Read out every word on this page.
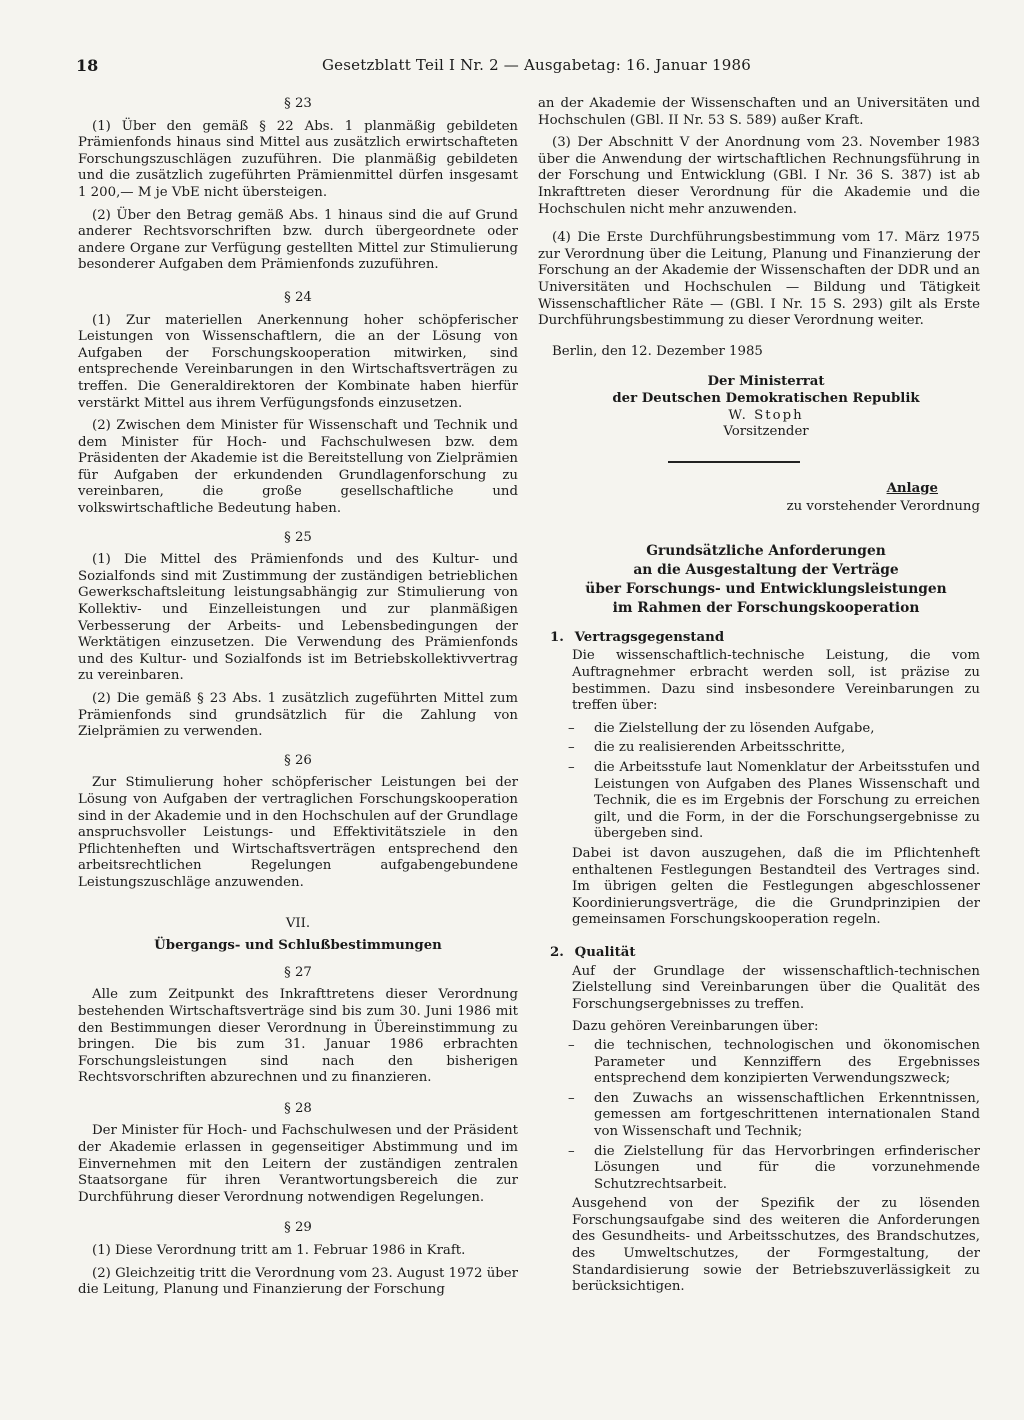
18	Gesetzblatt Teil I Nr. 2 — Ausgabetag: 16. Januar 1986
§ 23

(1) Über den gemäß § 22 Abs. 1 planmäßig gebildeten Prämienfonds hinaus sind Mittel aus zusätzlich erwirtschafteten Forschungszuschlägen zuzuführen. Die planmäßig gebildeten und die zusätzlich zugeführten Prämienmittel dürfen insgesamt 1 200,— M je VbE nicht übersteigen.

(2) Über den Betrag gemäß Abs. 1 hinaus sind die auf Grund anderer Rechtsvorschriften bzw. durch übergeordnete oder andere Organe zur Verfügung gestellten Mittel zur Stimulierung besonderer Aufgaben dem Prämienfonds zuzuführen.

§ 24

(1) Zur materiellen Anerkennung hoher schöpferischer Leistungen von Wissenschaftlern, die an der Lösung von Aufgaben der Forschungskooperation mitwirken, sind entsprechende Vereinbarungen in den Wirtschaftsverträgen zu treffen. Die Generaldirektoren der Kombinate haben hierfür verstärkt Mittel aus ihrem Verfügungsfonds einzusetzen.

(2) Zwischen dem Minister für Wissenschaft und Technik und dem Minister für Hoch- und Fachschulwesen bzw. dem Präsidenten der Akademie ist die Bereitstellung von Zielprämien für Aufgaben der erkundenden Grundlagenforschung zu vereinbaren, die große gesellschaftliche und volkswirtschaftliche Bedeutung haben.

§ 25

(1) Die Mittel des Prämienfonds und des Kultur- und Sozialfonds sind mit Zustimmung der zuständigen betrieblichen Gewerkschaftsleitung leistungsabhängig zur Stimulierung von Kollektiv- und Einzelleistungen und zur planmäßigen Verbesserung der Arbeits- und Lebensbedingungen der Werktätigen einzusetzen. Die Verwendung des Prämienfonds und des Kultur- und Sozialfonds ist im Betriebskollektivvertrag zu vereinbaren.

(2) Die gemäß § 23 Abs. 1 zusätzlich zugeführten Mittel zum Prämienfonds sind grundsätzlich für die Zahlung von Zielprämien zu verwenden.

§ 26

Zur Stimulierung hoher schöpferischer Leistungen bei der Lösung von Aufgaben der vertraglichen Forschungskooperation sind in der Akademie und in den Hochschulen auf der Grundlage anspruchsvoller Leistungs- und Effektivitätsziele in den Pflichtenheften und Wirtschaftsverträgen entsprechend den arbeitsrechtlichen Regelungen aufgabengebundene Leistungszuschläge anzuwenden.

VII.
Übergangs- und Schlußbestimmungen
§ 27

Alle zum Zeitpunkt des Inkrafttretens dieser Verordnung bestehenden Wirtschaftsverträge sind bis zum 30. Juni 1986 mit den Bestimmungen dieser Verordnung in Übereinstimmung zu bringen. Die bis zum 31. Januar 1986 erbrachten Forschungsleistungen sind nach den bisherigen Rechtsvorschriften abzurechnen und zu finanzieren.

§ 28

Der Minister für Hoch- und Fachschulwesen und der Präsident der Akademie erlassen in gegenseitiger Abstimmung und im Einvernehmen mit den Leitern der zuständigen zentralen Staatsorgane für ihren Verantwortungsbereich die zur Durchführung dieser Verordnung notwendigen Regelungen.

§ 29

(1) Diese Verordnung tritt am 1. Februar 1986 in Kraft.

(2) Gleichzeitig tritt die Verordnung vom 23. August 1972 über die Leitung, Planung und Finanzierung der Forschung

an der Akademie der Wissenschaften und an Universitäten und Hochschulen (GBl. II Nr. 53 S. 589) außer Kraft.

(3) Der Abschnitt V der Anordnung vom 23. November 1983 über die Anwendung der wirtschaftlichen Rechnungsführung in der Forschung und Entwicklung (GBl. I Nr. 36 S. 387) ist ab Inkrafttreten dieser Verordnung für die Akademie und die Hochschulen nicht mehr anzuwenden.

(4) Die Erste Durchführungsbestimmung vom 17. März 1975 zur Verordnung über die Leitung, Planung und Finanzierung der Forschung an der Akademie der Wissenschaften der DDR und an Universitäten und Hochschulen — Bildung und Tätigkeit Wissenschaftlicher Räte — (GBl. I Nr. 15 S. 293) gilt als Erste Durchführungsbestimmung zu dieser Verordnung weiter.

Berlin, den 12. Dezember 1985

Der Ministerrat

der Deutschen Demokratischen Republik

W. Stoph

Vorsitzender

Anlage

zu vorstehender Verordnung

Grundsätzliche Anforderungen

an die Ausgestaltung der Verträge

über Forschungs- und Entwicklungsleistungen

im Rahmen der Forschungskooperation

1. Vertragsgegenstand

Die wissenschaftlich-technische Leistung, die vom Auftragnehmer erbracht werden soll, ist präzise zu bestimmen. Dazu sind insbesondere Vereinbarungen zu treffen über:

– die Zielstellung der zu lösenden Aufgabe,
– die zu realisierenden Arbeitsschritte,
– die Arbeitsstufe laut Nomenklatur der Arbeitsstufen und Leistungen von Aufgaben des Planes Wissenschaft und Technik, die es im Ergebnis der Forschung zu erreichen gilt, und die Form, in der die Forschungsergebnisse zu übergeben sind.

Dabei ist davon auszugehen, daß die im Pflichtenheft enthaltenen Festlegungen Bestandteil des Vertrages sind. Im übrigen gelten die Festlegungen abgeschlossener Koordinierungsverträge, die die Grundprinzipien der gemeinsamen Forschungskooperation regeln.

2. Qualität

Auf der Grundlage der wissenschaftlich-technischen Zielstellung sind Vereinbarungen über die Qualität des Forschungsergebnisses zu treffen.

Dazu gehören Vereinbarungen über:

– die technischen, technologischen und ökonomischen Parameter und Kennziffern des Ergebnisses entsprechend dem konzipierten Verwendungszweck;
– den Zuwachs an wissenschaftlichen Erkenntnissen, gemessen am fortgeschrittenen internationalen Stand von Wissenschaft und Technik;
– die Zielstellung für das Hervorbringen erfinderischer Lösungen und für die vorzunehmende Schutzrechtsarbeit.

Ausgehend von der Spezifik der zu lösenden Forschungsaufgabe sind des weiteren die Anforderungen des Gesundheits- und Arbeitsschutzes, des Brandschutzes, des Umweltschutzes, der Formgestaltung, der Standardisierung sowie der Betriebszuverlässigkeit zu berücksichtigen.
